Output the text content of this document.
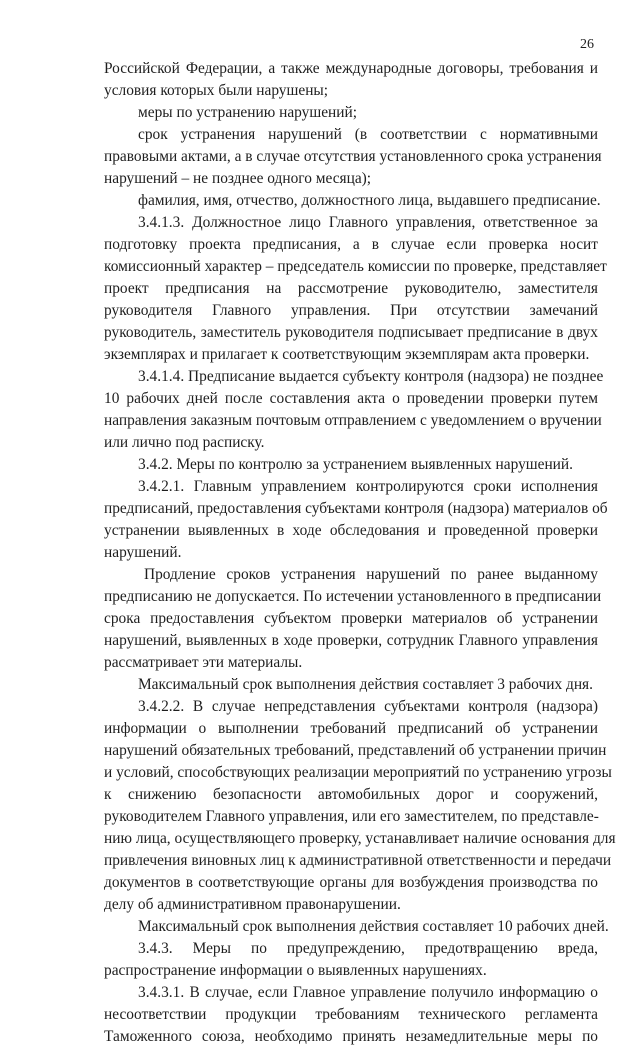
26
Российской Федерации, а также международные договоры, требования и
условия которых были нарушены;
меры по устранению нарушений;
срок устранения нарушений (в соответствии с нормативными
правовыми актами, а в случае отсутствия установленного срока устранения
нарушений – не позднее одного месяца);
фамилия, имя, отчество, должностного лица, выдавшего предписание.
3.4.1.3. Должностное лицо Главного управления, ответственное за
подготовку проекта предписания, а в случае если проверка носит
комиссионный характер – председатель комиссии по проверке, представляет
проект предписания на рассмотрение руководителю, заместителя
руководителя Главного управления. При отсутствии замечаний
руководитель, заместитель руководителя подписывает предписание в двух
экземплярах и прилагает к соответствующим экземплярам акта проверки.
3.4.1.4. Предписание выдается субъекту контроля (надзора) не позднее
10 рабочих дней после составления акта о проведении проверки путем
направления заказным почтовым отправлением с уведомлением о вручении
или лично под расписку.
3.4.2. Меры по контролю за устранением выявленных нарушений.
3.4.2.1. Главным управлением контролируются сроки исполнения
предписаний, предоставления субъектами контроля (надзора) материалов об
устранении выявленных в ходе обследования и проведенной проверки
нарушений.
Продление сроков устранения нарушений по ранее выданному
предписанию не допускается. По истечении установленного в предписании
срока предоставления субъектом проверки материалов об устранении
нарушений, выявленных в ходе проверки, сотрудник Главного управления
рассматривает эти материалы.
Максимальный срок выполнения действия составляет 3 рабочих дня.
3.4.2.2. В случае непредставления субъектами контроля (надзора)
информации о выполнении требований предписаний об устранении
нарушений обязательных требований, представлений об устранении причин
и условий, способствующих реализации мероприятий по устранению угрозы
к снижению безопасности автомобильных дорог и сооружений,
руководителем Главного управления, или его заместителем, по представле-
нию лица, осуществляющего проверку, устанавливает наличие основания для
привлечения виновных лиц к административной ответственности и передачи
документов в соответствующие органы для возбуждения производства по
делу об административном правонарушении.
Максимальный срок выполнения действия составляет 10 рабочих дней.
3.4.3. Меры по предупреждению, предотвращению вреда,
распространение информации о выявленных нарушениях.
3.4.3.1. В случае, если Главное управление получило информацию о
несоответствии продукции требованиям технического регламента
Таможенного союза, необходимо принять незамедлительные меры по
